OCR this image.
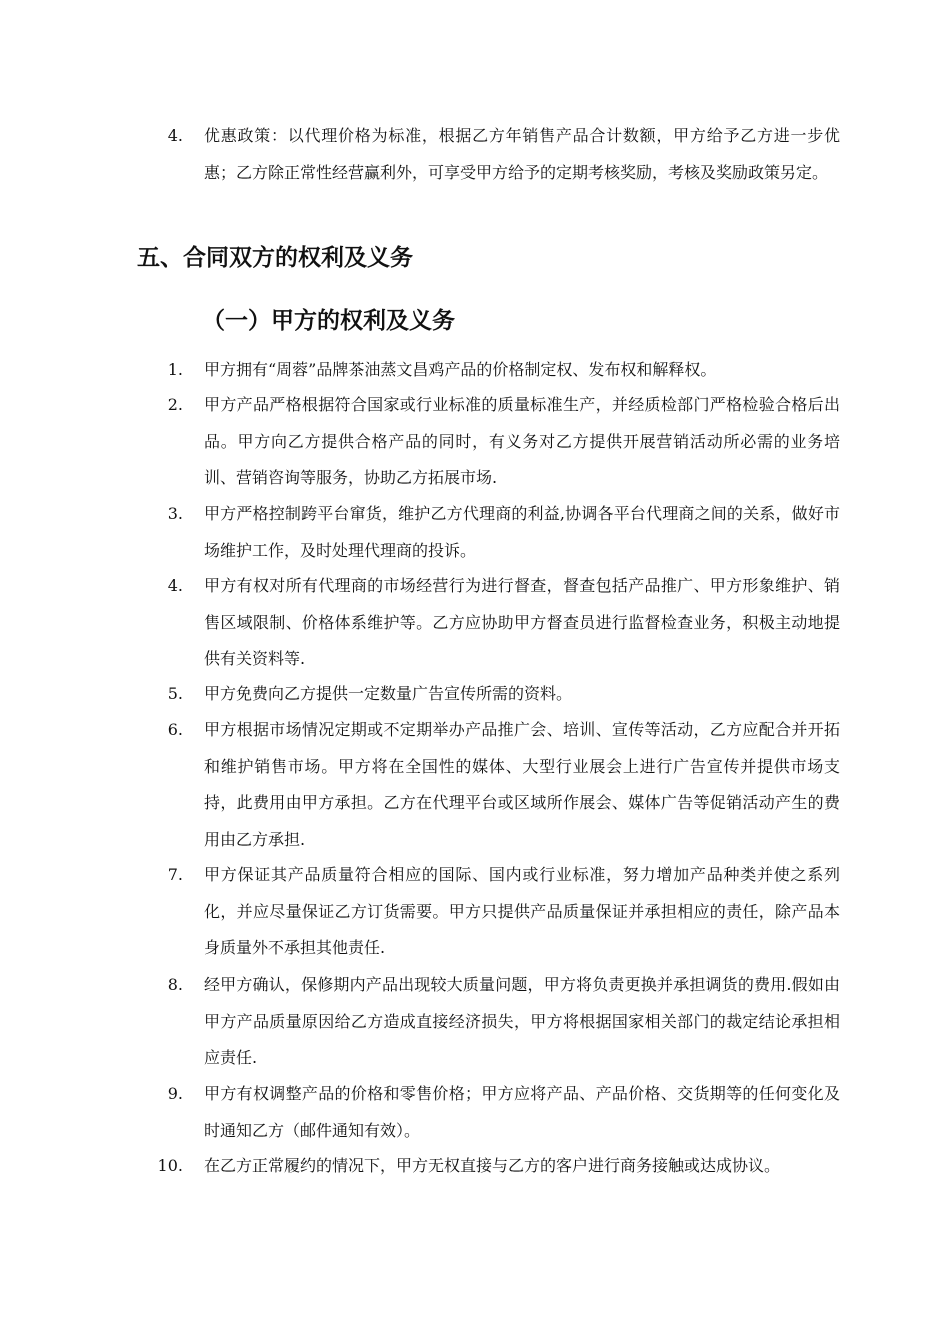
4. 优惠政策：以代理价格为标准，根据乙方年销售产品合计数额，甲方给予乙方进一步优惠；乙方除正常性经营赢利外，可享受甲方给予的定期考核奖励，考核及奖励政策另定。
五、合同双方的权利及义务
（一）甲方的权利及义务
1. 甲方拥有“周蓉”品牌茶油蒸文昌鸡产品的价格制定权、发布权和解释权。
2. 甲方产品严格根据符合国家或行业标准的质量标准生产，并经质检部门严格检验合格后出品。甲方向乙方提供合格产品的同时，有义务对乙方提供开展营销活动所必需的业务培训、营销咨询等服务，协助乙方拓展市场.
3. 甲方严格控制跨平台窜货，维护乙方代理商的利益,协调各平台代理商之间的关系，做好市场维护工作，及时处理代理商的投诉。
4. 甲方有权对所有代理商的市场经营行为进行督查，督查包括产品推广、甲方形象维护、销售区域限制、价格体系维护等。乙方应协助甲方督查员进行监督检查业务，积极主动地提供有关资料等.
5. 甲方免费向乙方提供一定数量广告宣传所需的资料。
6. 甲方根据市场情况定期或不定期举办产品推广会、培训、宣传等活动，乙方应配合并开拓和维护销售市场。甲方将在全国性的媒体、大型行业展会上进行广告宣传并提供市场支持，此费用由甲方承担。乙方在代理平台或区域所作展会、媒体广告等促销活动产生的费用由乙方承担.
7. 甲方保证其产品质量符合相应的国际、国内或行业标准，努力增加产品种类并使之系列化，并应尽量保证乙方订货需要。甲方只提供产品质量保证并承担相应的责任，除产品本身质量外不承担其他责任.
8. 经甲方确认，保修期内产品出现较大质量问题，甲方将负责更换并承担调货的费用.假如由甲方产品质量原因给乙方造成直接经济损失，甲方将根据国家相关部门的裁定结论承担相应责任.
9. 甲方有权调整产品的价格和零售价格；甲方应将产品、产品价格、交货期等的任何变化及时通知乙方（邮件通知有效）。
10. 在乙方正常履约的情况下，甲方无权直接与乙方的客户进行商务接触或达成协议。
